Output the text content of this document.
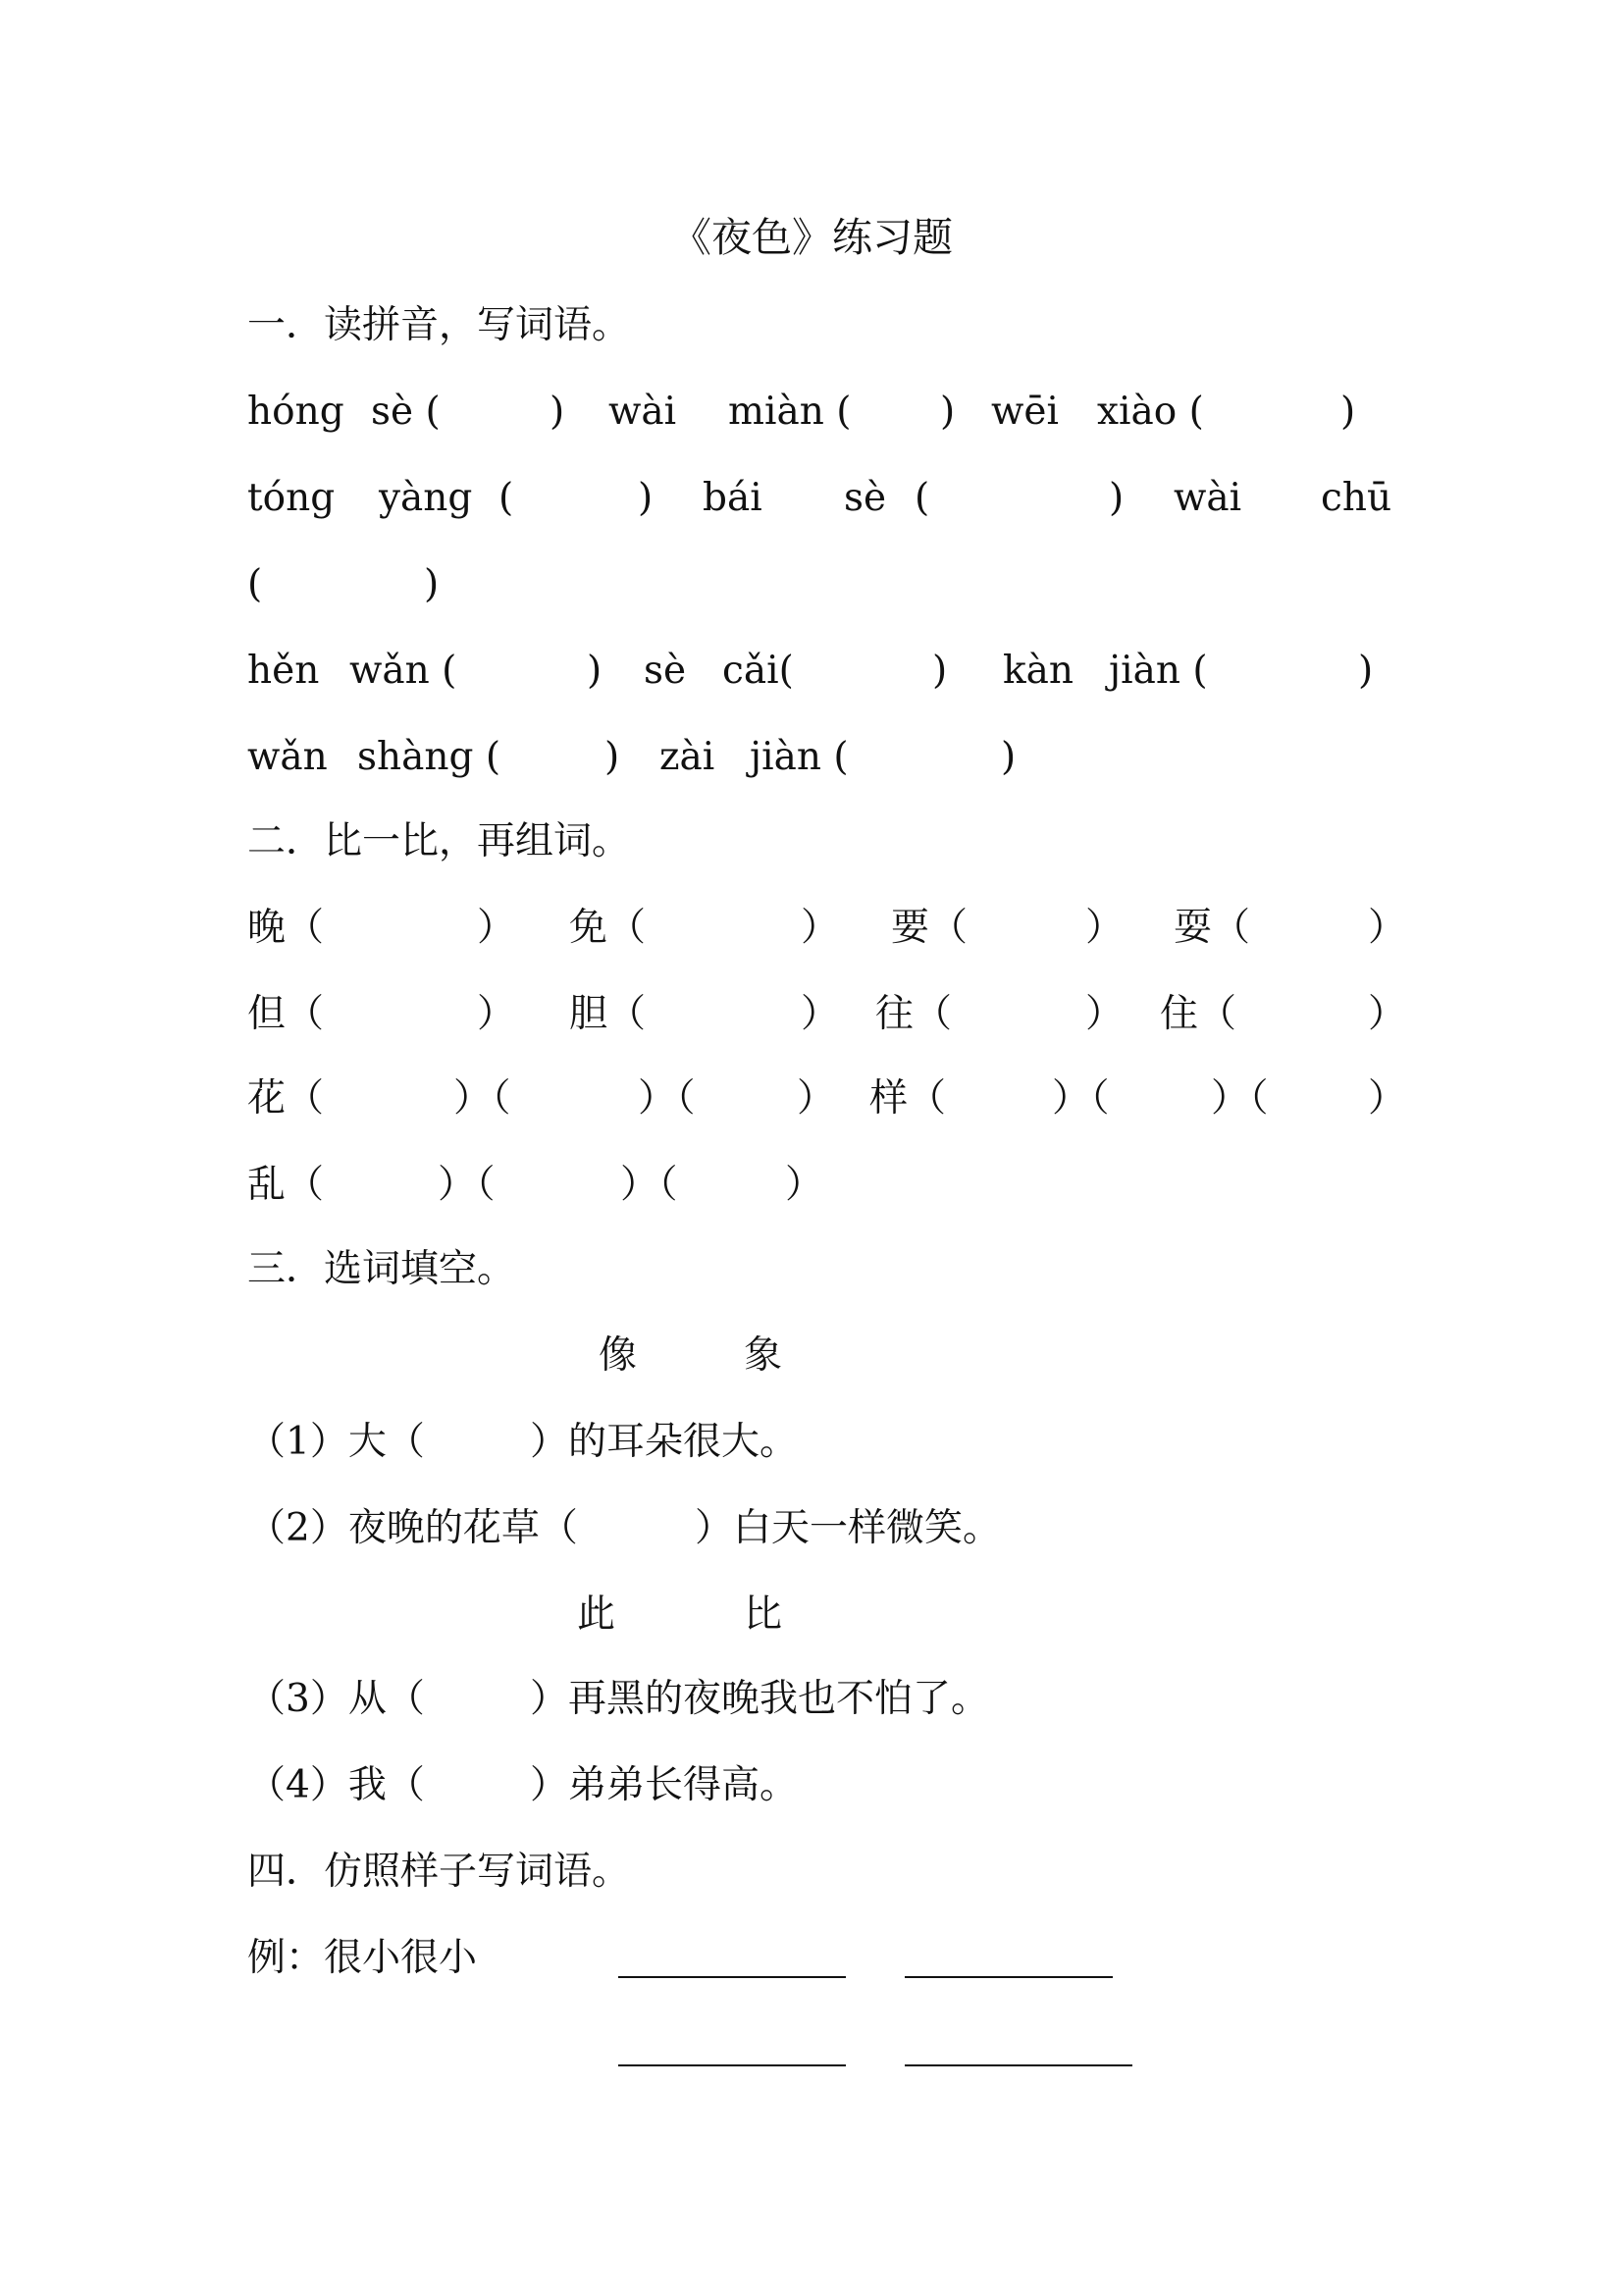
《夜色》练习题
一．读拼音，写词语。
hóng sè (	) wài miàn ( ) wēi xiào (	)
tóng yàng (	) bái sè (	) wài chū
(	)
hěn wǎn (	) sè cǎi(	) kàn jiàn (	)
wǎn shàng (	) zài jiàn (	)
二．比一比，再组词。
晚（	） 免（	） 要（	） 耍（	）
但（	） 胆（	） 往（	） 住（	）
花（	）（	）（	） 样（	）（	）（	）
乱（	）（	）（	）
三．选词填空。
像	象
（1）大（	）的耳朵很大。
（2）夜晚的花草（	）白天一样微笑。
此	比
（3）从（	）再黑的夜晚我也不怕了。
（4）我（	）弟弟长得高。
四．仿照样子写词语。
例：很小很小
